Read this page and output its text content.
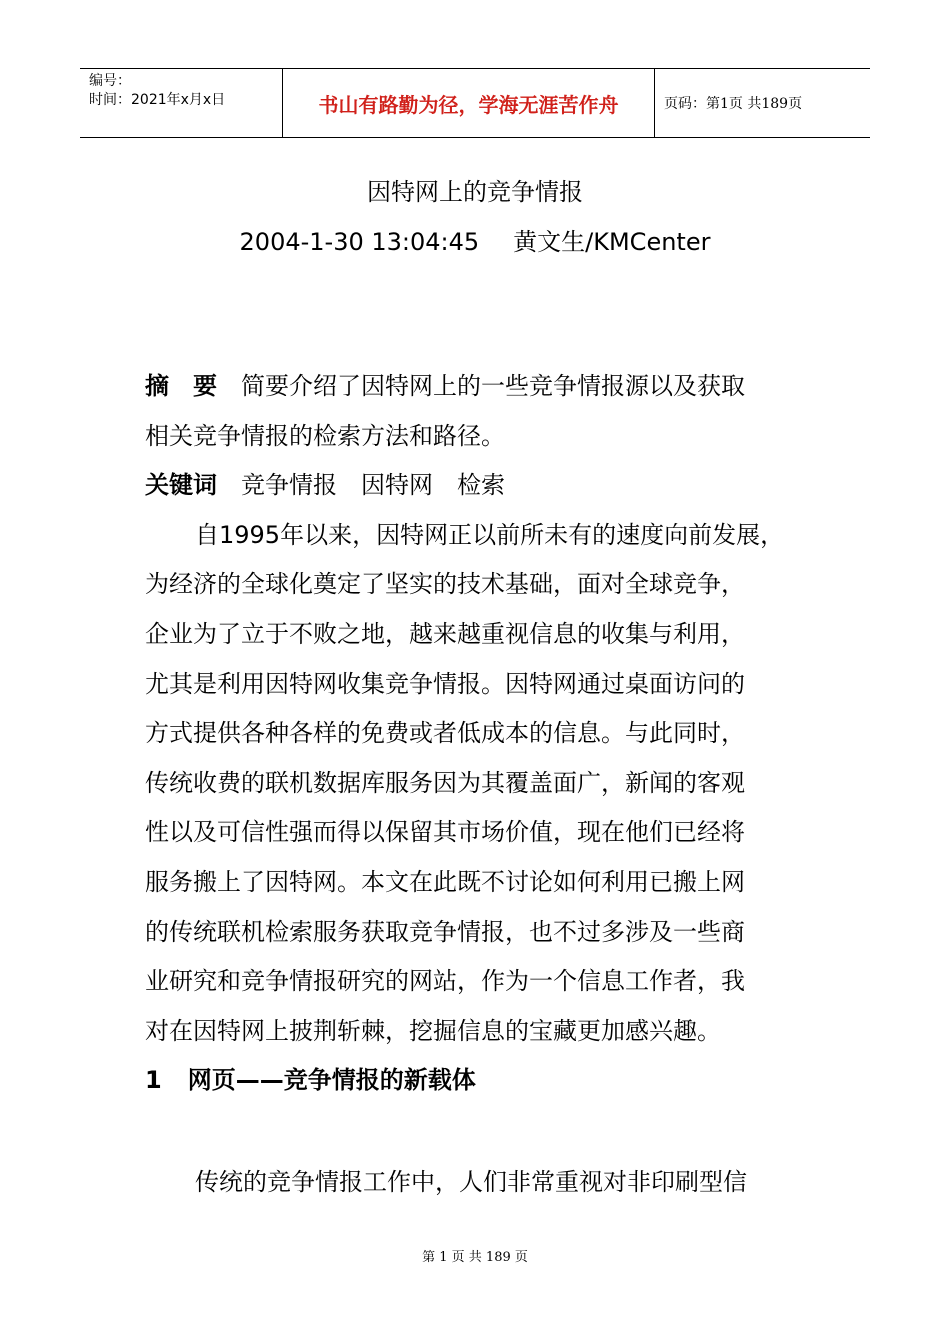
编号：
时间：2021年x月x日	书山有路勤为径，学海无涯苦作舟	页码：第1页 共189页
因特网上的竞争情报
2004-1-30 13:04:45 黄文生/KMCenter
摘　要 简要介绍了因特网上的一些竞争情报源以及获取
相关竞争情报的检索方法和路径。
关键词 竞争情报 因特网 检索
自1995年以来，因特网正以前所未有的速度向前发展，
为经济的全球化奠定了坚实的技术基础，面对全球竞争，
企业为了立于不败之地，越来越重视信息的收集与利用，
尤其是利用因特网收集竞争情报。因特网通过桌面访问的
方式提供各种各样的免费或者低成本的信息。与此同时，
传统收费的联机数据库服务因为其覆盖面广，新闻的客观
性以及可信性强而得以保留其市场价值，现在他们已经将
服务搬上了因特网。本文在此既不讨论如何利用已搬上网
的传统联机检索服务获取竞争情报，也不过多涉及一些商
业研究和竞争情报研究的网站，作为一个信息工作者，我
对在因特网上披荆斩棘，挖掘信息的宝藏更加感兴趣。
1 网页——竞争情报的新载体
传统的竞争情报工作中，人们非常重视对非印刷型信
第 1 页 共 189 页
